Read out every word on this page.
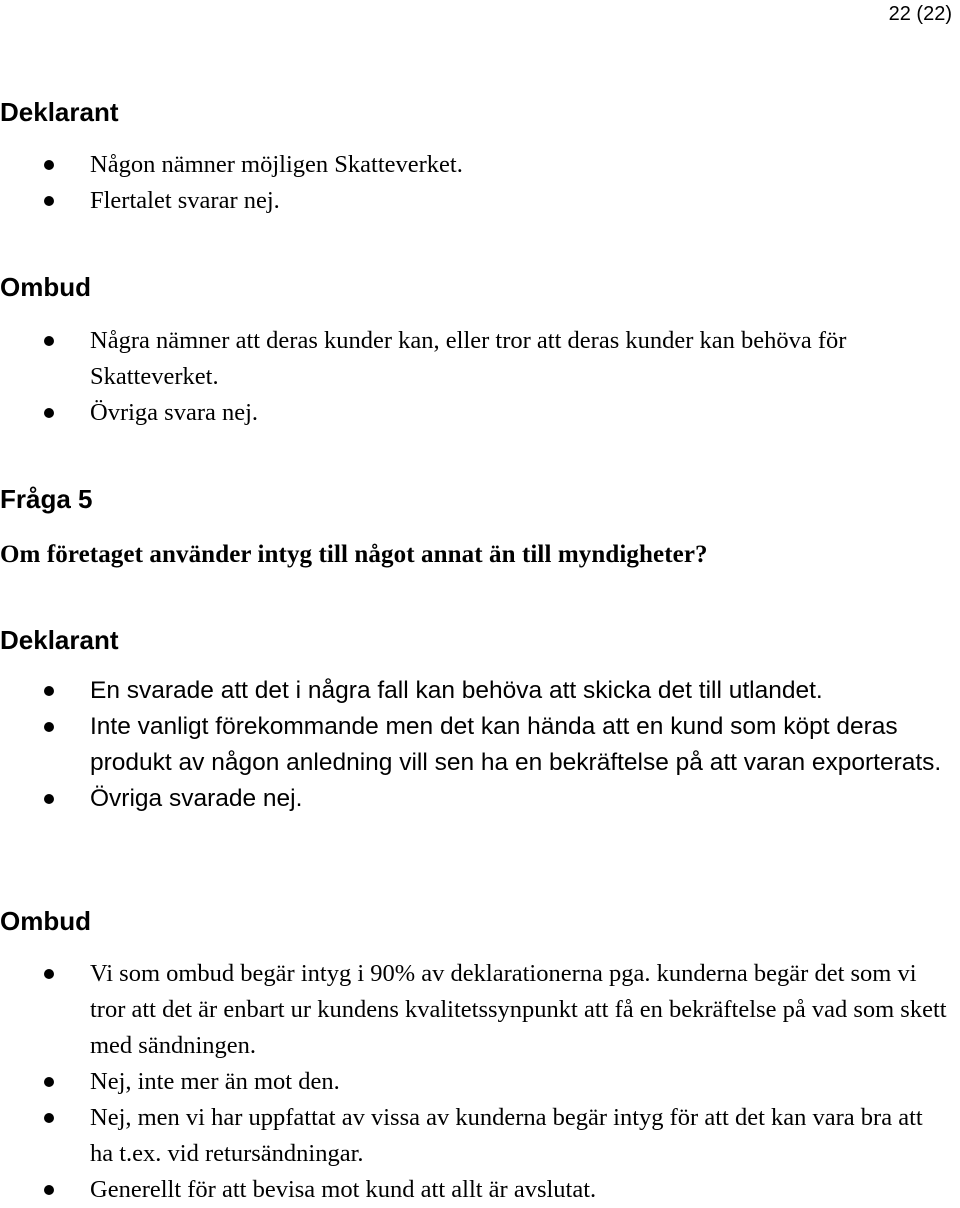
22 (22)
Deklarant
Någon nämner möjligen Skatteverket.
Flertalet svarar nej.
Ombud
Några nämner att deras kunder kan, eller tror att deras kunder kan behöva för Skatteverket.
Övriga svara nej.
Fråga 5

Om företaget använder intyg till något annat än till myndigheter?

Deklarant
En svarade att det i några fall kan behöva att skicka det till utlandet.
Inte vanligt förekommande men det kan hända att en kund som köpt deras produkt av någon anledning vill sen ha en bekräftelse på att varan exporterats.
Övriga svarade nej.
Ombud
Vi som ombud begär intyg i 90% av deklarationerna pga. kunderna begär det som vi tror att det är enbart ur kundens kvalitetssynpunkt att få en bekräftelse på vad som skett med sändningen.
Nej, inte mer än mot den.
Nej, men vi har uppfattat av vissa av kunderna begär intyg för att det kan vara bra att ha t.ex. vid retursändningar.
Generellt för att bevisa mot kund att allt är avslutat.
